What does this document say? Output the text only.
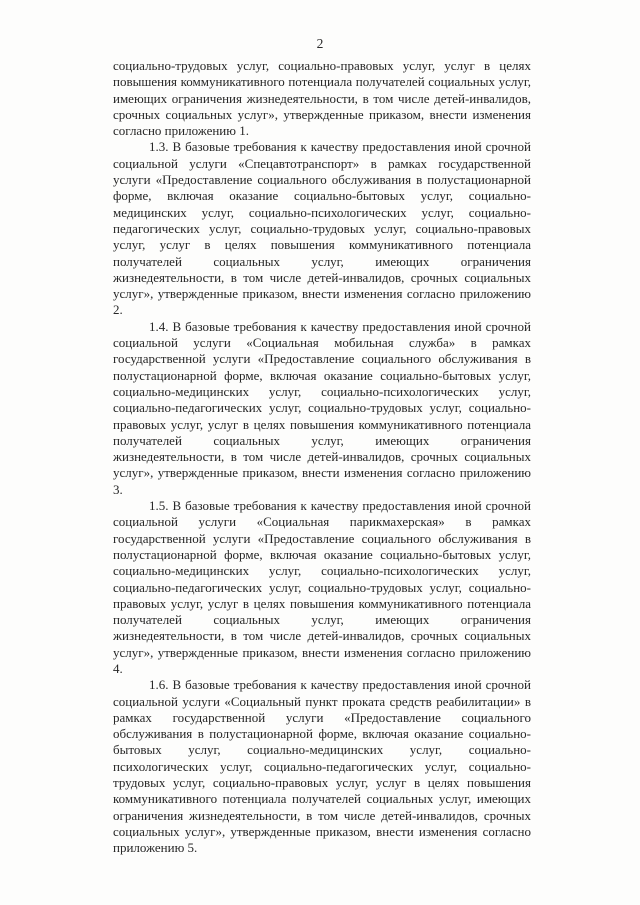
2

социально-трудовых услуг, социально-правовых услуг, услуг в целях повышения коммуникативного потенциала получателей социальных услуг, имеющих ограничения жизнедеятельности, в том числе детей-инвалидов, срочных социальных услуг», утвержденные приказом, внести изменения согласно приложению 1.

1.3. В базовые требования к качеству предоставления иной срочной социальной услуги «Спецавтотранспорт» в рамках государственной услуги «Предоставление социального обслуживания в полустационарной форме, включая оказание социально-бытовых услуг, социально-медицинских услуг, социально-психологических услуг, социально-педагогических услуг, социально-трудовых услуг, социально-правовых услуг, услуг в целях повышения коммуникативного потенциала получателей социальных услуг, имеющих ограничения жизнедеятельности, в том числе детей-инвалидов, срочных социальных услуг», утвержденные приказом, внести изменения согласно приложению 2.

1.4. В базовые требования к качеству предоставления иной срочной социальной услуги «Социальная мобильная служба» в рамках государственной услуги «Предоставление социального обслуживания в полустационарной форме, включая оказание социально-бытовых услуг, социально-медицинских услуг, социально-психологических услуг, социально-педагогических услуг, социально-трудовых услуг, социально-правовых услуг, услуг в целях повышения коммуникативного потенциала получателей социальных услуг, имеющих ограничения жизнедеятельности, в том числе детей-инвалидов, срочных социальных услуг», утвержденные приказом, внести изменения согласно приложению 3.

1.5. В базовые требования к качеству предоставления иной срочной социальной услуги «Социальная парикмахерская» в рамках государственной услуги «Предоставление социального обслуживания в полустационарной форме, включая оказание социально-бытовых услуг, социально-медицинских услуг, социально-психологических услуг, социально-педагогических услуг, социально-трудовых услуг, социально-правовых услуг, услуг в целях повышения коммуникативного потенциала получателей социальных услуг, имеющих ограничения жизнедеятельности, в том числе детей-инвалидов, срочных социальных услуг», утвержденные приказом, внести изменения согласно приложению 4.

1.6. В базовые требования к качеству предоставления иной срочной социальной услуги «Социальный пункт проката средств реабилитации» в рамках государственной услуги «Предоставление социального обслуживания в полустационарной форме, включая оказание социально-бытовых услуг, социально-медицинских услуг, социально-психологических услуг, социально-педагогических услуг, социально-трудовых услуг, социально-правовых услуг, услуг в целях повышения коммуникативного потенциала получателей социальных услуг, имеющих ограничения жизнедеятельности, в том числе детей-инвалидов, срочных социальных услуг», утвержденные приказом, внести изменения согласно приложению 5.
